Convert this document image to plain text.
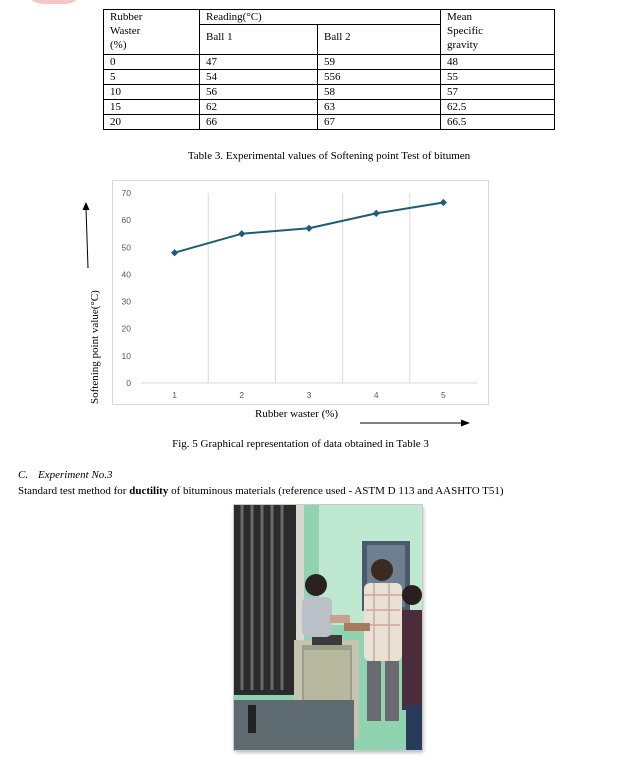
Rubber
Waster
(%)	Reading(°C)		Mean
Specific
gravity
	Ball 1	Ball 2	
0	47	59	48
5	54	556	55
10	56	58	57
15	62	63	62.5
20	66	67	66.5
Table 3. Experimental values of Softening point Test of bitumen
0
10
20
30
40
50
60
70
1	2	3	4	5
Softening point value(°C)
Rubber waster (%)
Fig. 5 Graphical representation of data obtained in Table 3
C. Experiment No.3
Standard test method for ductility of bituminous materials (reference used - ASTM D 113 and AASHTO T51)
